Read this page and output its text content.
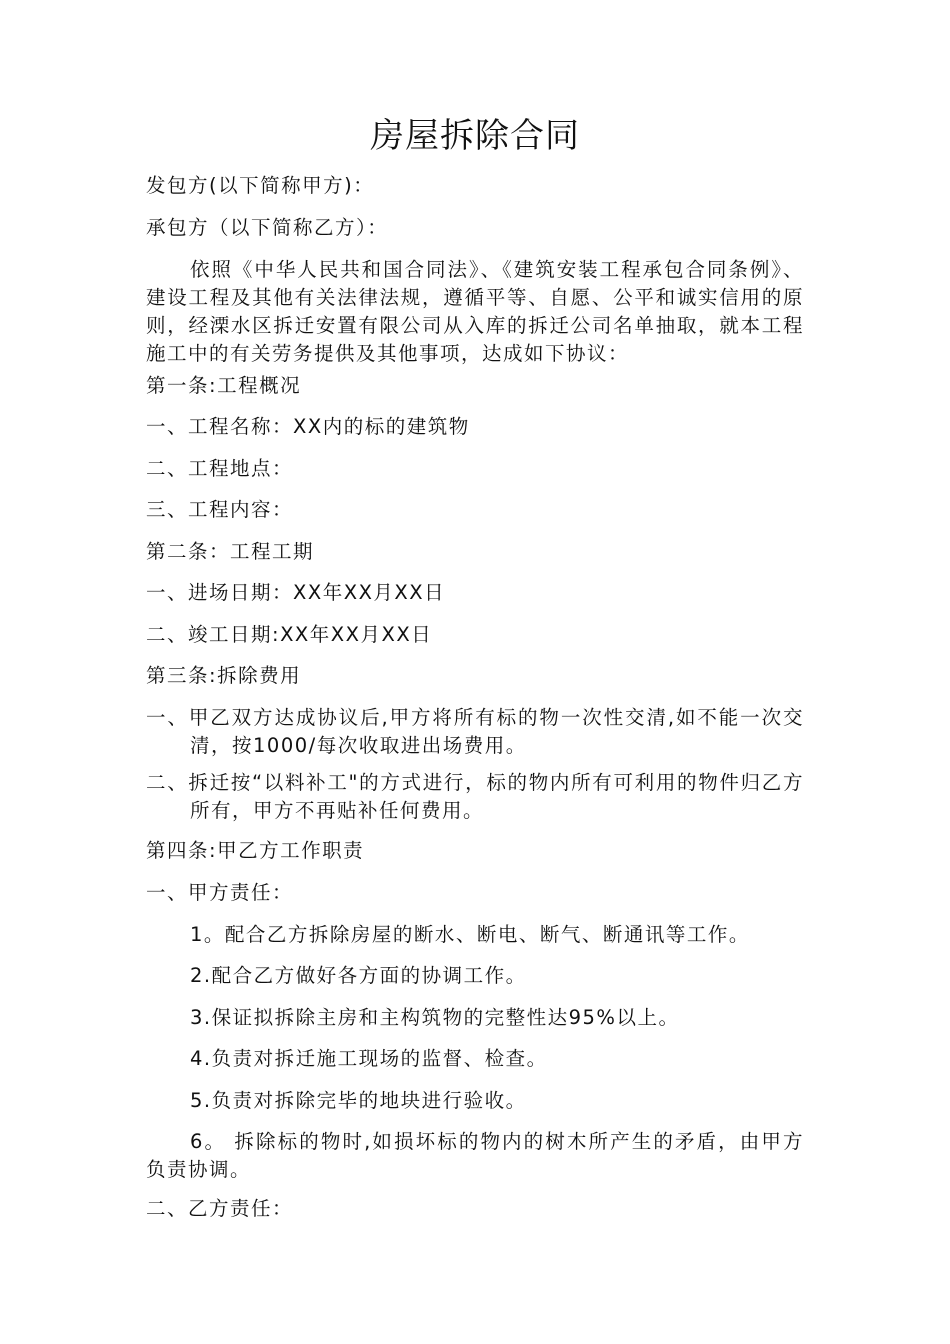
房屋拆除合同
发包方(以下简称甲方)：
承包方（以下简称乙方）：
依照《中华人民共和国合同法》、《建筑安装工程承包合同条例》、建设工程及其他有关法律法规，遵循平等、自愿、公平和诚实信用的原则，经溧水区拆迁安置有限公司从入库的拆迁公司名单抽取，就本工程施工中的有关劳务提供及其他事项，达成如下协议：
第一条:工程概况
一、工程名称：XX内的标的建筑物
二、工程地点：
三、工程内容：
第二条：工程工期
一、进场日期：XX年XX月XX日
二、竣工日期:XX年XX月XX日
第三条:拆除费用
一、甲乙双方达成协议后,甲方将所有标的物一次性交清,如不能一次交清，按1000/每次收取进出场费用。
二、拆迁按“以料补工"的方式进行，标的物内所有可利用的物件归乙方所有，甲方不再贴补任何费用。
第四条:甲乙方工作职责
一、甲方责任：
1。配合乙方拆除房屋的断水、断电、断气、断通讯等工作。
2.配合乙方做好各方面的协调工作。
3.保证拟拆除主房和主构筑物的完整性达95%以上。
4.负责对拆迁施工现场的监督、检查。
5.负责对拆除完毕的地块进行验收。
6。 拆除标的物时,如损坏标的物内的树木所产生的矛盾，由甲方负责协调。
二、乙方责任：
